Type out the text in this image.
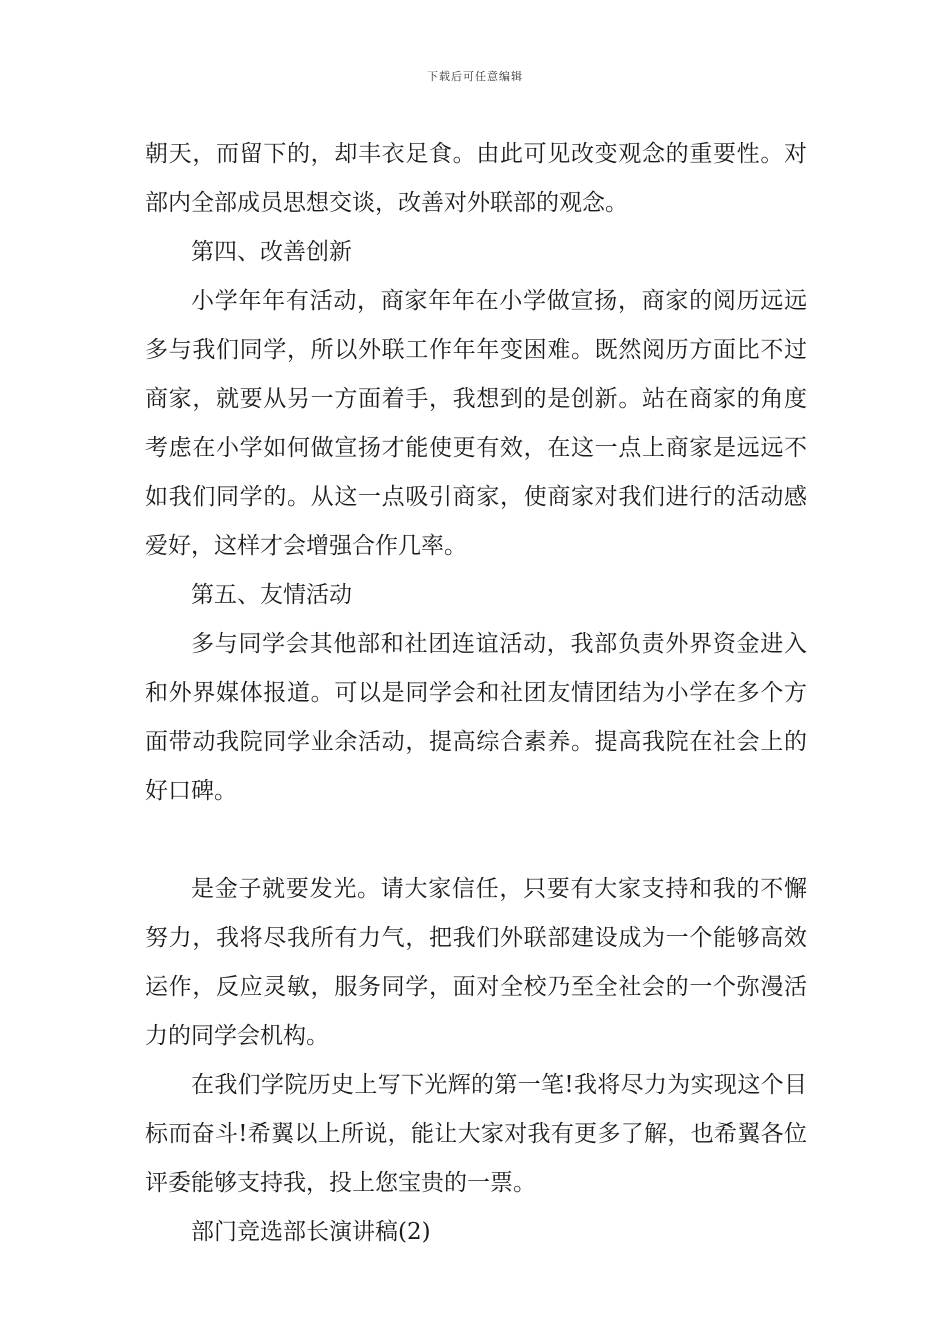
下载后可任意编辑

朝天，而留下的，却丰衣足食。由此可见改变观念的重要性。对部内全部成员思想交谈，改善对外联部的观念。

第四、改善创新

小学年年有活动，商家年年在小学做宣扬，商家的阅历远远多与我们同学，所以外联工作年年变困难。既然阅历方面比不过商家，就要从另一方面着手，我想到的是创新。站在商家的角度考虑在小学如何做宣扬才能使更有效，在这一点上商家是远远不如我们同学的。从这一点吸引商家，使商家对我们进行的活动感爱好，这样才会增强合作几率。

第五、友情活动

多与同学会其他部和社团连谊活动，我部负责外界资金进入和外界媒体报道。可以是同学会和社团友情团结为小学在多个方面带动我院同学业余活动，提高综合素养。提高我院在社会上的好口碑。

是金子就要发光。请大家信任，只要有大家支持和我的不懈努力，我将尽我所有力气，把我们外联部建设成为一个能够高效运作，反应灵敏，服务同学，面对全校乃至全社会的一个弥漫活力的同学会机构。

在我们学院历史上写下光辉的第一笔!我将尽力为实现这个目标而奋斗!希翼以上所说，能让大家对我有更多了解，也希翼各位评委能够支持我，投上您宝贵的一票。

部门竞选部长演讲稿(2)
